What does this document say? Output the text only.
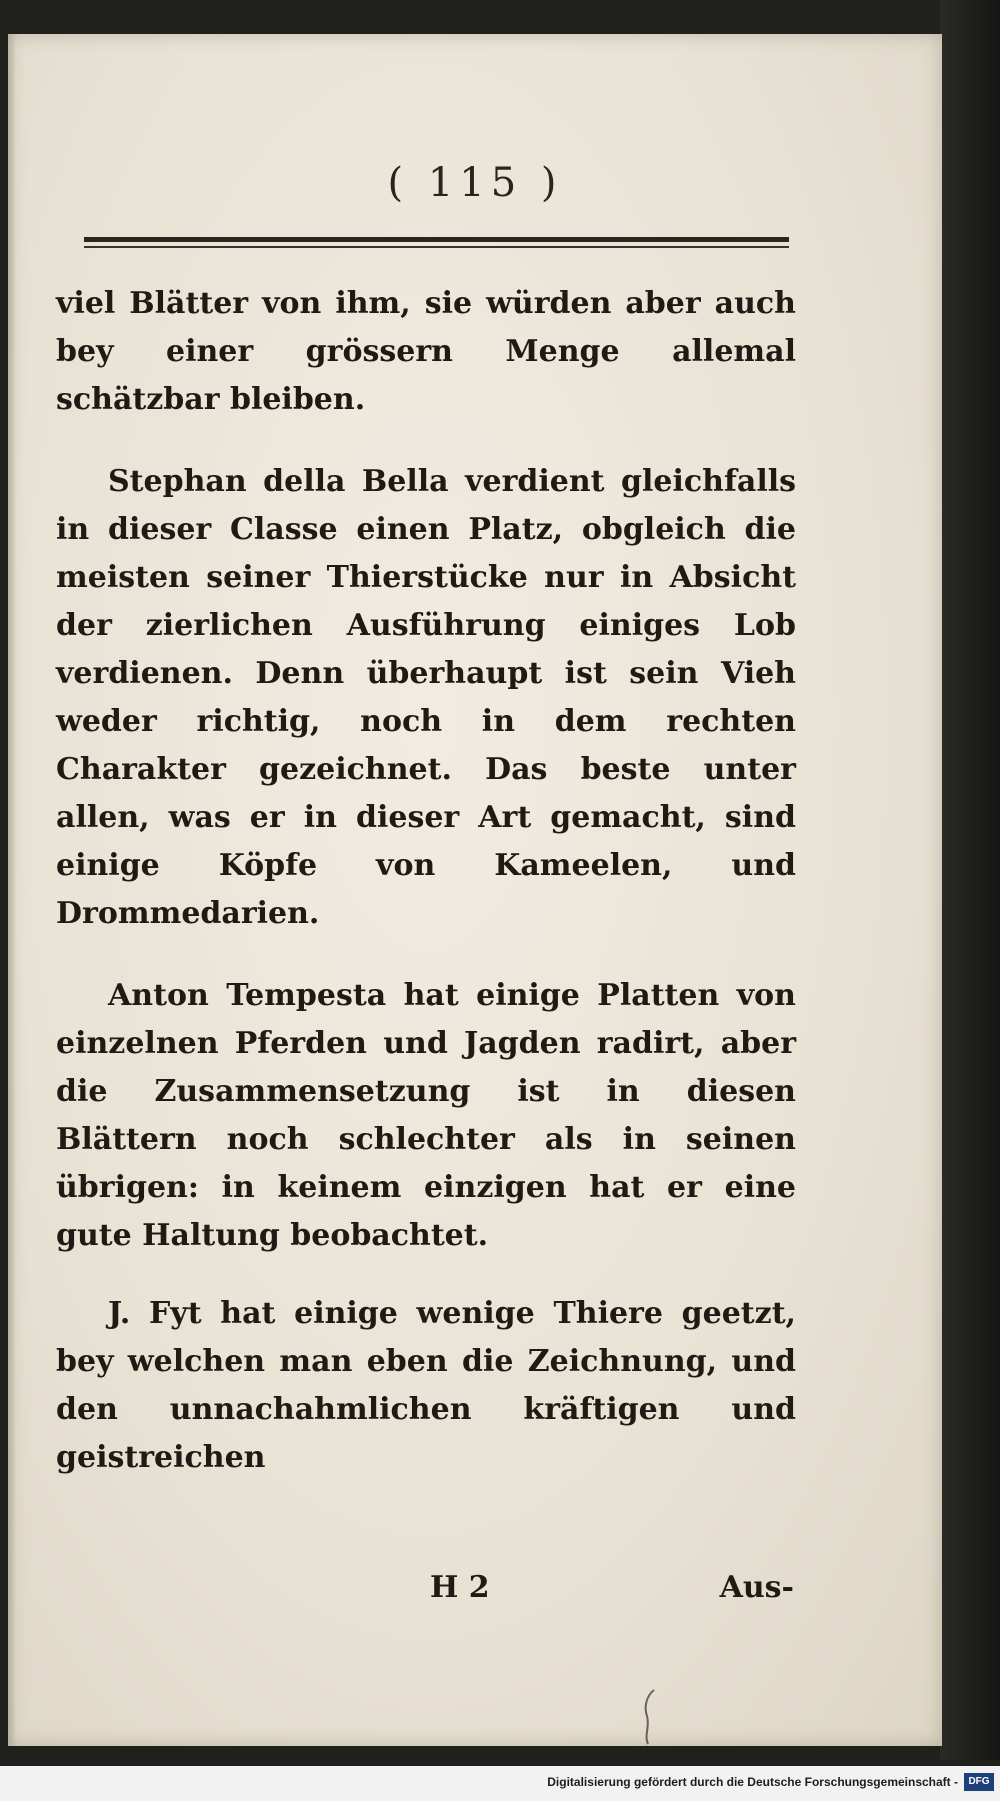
( 115 )

viel Blätter von ihm, sie würden aber auch bey einer grössern Menge allemal schätzbar bleiben.

Stephan della Bella verdient gleichfalls in dieser Classe einen Platz, obgleich die meisten seiner Thierstücke nur in Absicht der zierlichen Ausführung einiges Lob verdienen. Denn überhaupt ist sein Vieh weder richtig, noch in dem rechten Charakter gezeichnet. Das beste unter allen, was er in dieser Art gemacht, sind einige Köpfe von Kameelen, und Drommedarien.

Anton Tempesta hat einige Platten von einzelnen Pferden und Jagden radirt, aber die Zusammensetzung ist in diesen Blättern noch schlechter als in seinen übrigen: in keinem einzigen hat er eine gute Haltung beobachtet.

J. Fyt hat einige wenige Thiere geetzt, bey welchen man eben die Zeichnung, und den unnachahmlichen kräftigen und geistreichen

H 2	Aus-
Digitalisierung gefördert durch die Deutsche Forschungsgemeinschaft -	DFG
